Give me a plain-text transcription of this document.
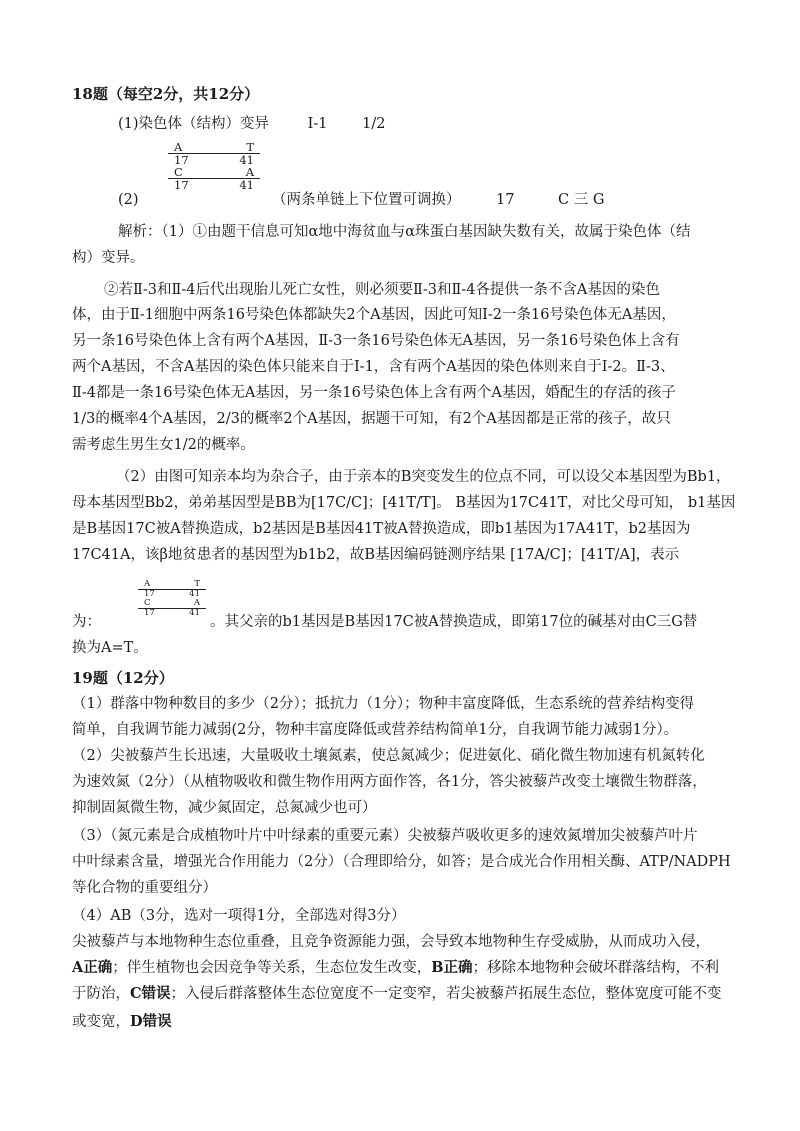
18题（每空2分，共12分）
(1)染色体（结构）变异	I-1 1/2
A	T
17	41
C	A
17	41
(2)	（两条单链上下位置可调换） 17	C 三 G
解析：（1）①由题干信息可知α地中海贫血与α珠蛋白基因缺失数有关，故属于染色体（结
构）变异。
②若Ⅱ-3和Ⅱ-4后代出现胎儿死亡女性，则必须要Ⅱ-3和Ⅱ-4各提供一条不含A基因的染色
体，由于Ⅱ-1细胞中两条16号染色体都缺失2个A基因，因此可知Ⅰ-2一条16号染色体无A基因，
另一条16号染色体上含有两个A基因，Ⅱ-3一条16号染色体无A基因，另一条16号染色体上含有
两个A基因，不含A基因的染色体只能来自于Ⅰ-1，含有两个A基因的染色体则来自于Ⅰ-2。Ⅱ-3、
Ⅱ-4都是一条16号染色体无A基因，另一条16号染色体上含有两个A基因，婚配生的存活的孩子
1/3的概率4个A基因，2/3的概率2个A基因，据题干可知，有2个A基因都是正常的孩子，故只
需考虑生男生女1/2的概率。
（2）由图可知亲本均为杂合子，由于亲本的B突变发生的位点不同，可以设父本基因型为Bb1，
母本基因型Bb2，弟弟基因型是BB为[17C/C]；[41T/T]。 B基因为17C41T，对比父母可知， b1基因
是B基因17C被A替换造成，b2基因是B基因41T被A替换造成，即b1基因为17A41T，b2基因为
17C41A，该β地贫患者的基因型为b1b2，故B基因编码链测序结果 [17A/C]；[41T/A]，表示
A	T
17	41
C	A
17	41
为：	。其父亲的b1基因是B基因17C被A替换造成，即第17位的碱基对由C三G替
换为A=T。
19题（12分）
（1）群落中物种数目的多少（2分）；抵抗力（1分）；物种丰富度降低，生态系统的营养结构变得
简单，自我调节能力减弱(2分，物种丰富度降低或营养结构简单1分，自我调节能力减弱1分）。
（2）尖被藜芦生长迅速，大量吸收土壤氮素，使总氮减少；促进氨化、硝化微生物加速有机氮转化
为速效氮（2分）（从植物吸收和微生物作用两方面作答，各1分，答尖被藜芦改变土壤微生物群落，
抑制固氮微生物，减少氮固定，总氮减少也可）
（3）（氮元素是合成植物叶片中叶绿素的重要元素）尖被藜芦吸收更多的速效氮增加尖被藜芦叶片
中叶绿素含量，增强光合作用能力（2分）（合理即给分，如答；是合成光合作用相关酶、ATP/NADPH
等化合物的重要组分）
（4）AB（3分，选对一项得1分，全部选对得3分）
尖被藜芦与本地物种生态位重叠，且竞争资源能力强，会导致本地物种生存受威胁，从而成功入侵，
A正确；伴生植物也会因竞争等关系，生态位发生改变，B正确；移除本地物种会破坏群落结构，不利
于防治，C错误；入侵后群落整体生态位宽度不一定变窄，若尖被藜芦拓展生态位，整体宽度可能不变
或变宽，D错误
